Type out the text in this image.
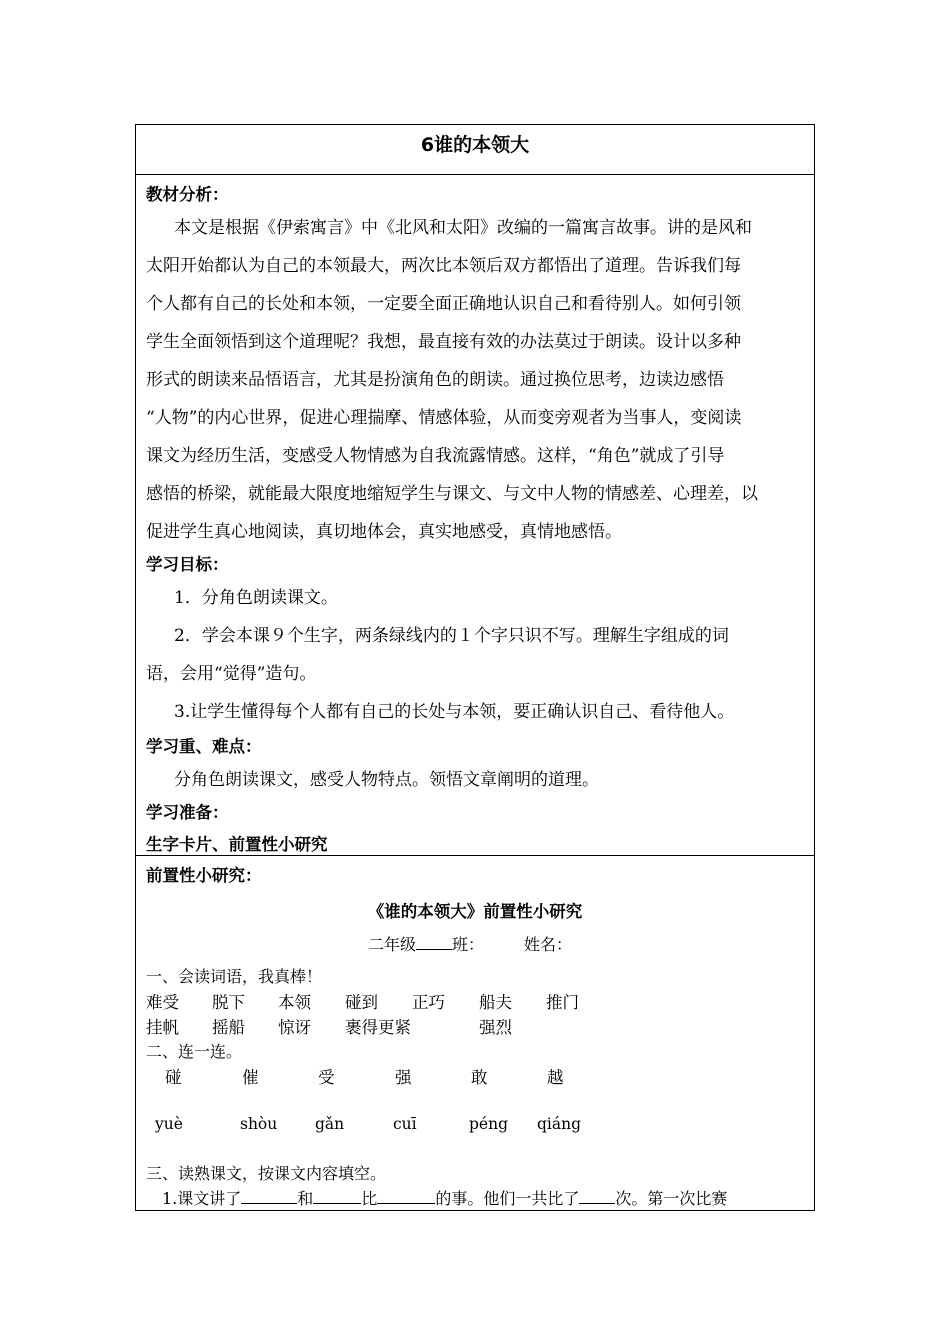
6谁的本领大
教材分析：
本文是根据《伊索寓言》中《北风和太阳》改编的一篇寓言故事。讲的是风和
太阳开始都认为自己的本领最大，两次比本领后双方都悟出了道理。告诉我们每
个人都有自己的长处和本领，一定要全面正确地认识自己和看待别人。如何引领
学生全面领悟到这个道理呢？我想，最直接有效的办法莫过于朗读。设计以多种
形式的朗读来品悟语言，尤其是扮演角色的朗读。通过换位思考，边读边感悟
“人物”的内心世界，促进心理揣摩、情感体验，从而变旁观者为当事人，变阅读
课文为经历生活，变感受人物情感为自我流露情感。这样，“角色”就成了引导
感悟的桥梁，就能最大限度地缩短学生与课文、与文中人物的情感差、心理差，以
促进学生真心地阅读，真切地体会，真实地感受，真情地感悟。
学习目标：
1．分角色朗读课文。
2．学会本课９个生字，两条绿线内的１个字只识不写。理解生字组成的词
语，会用“觉得”造句。
3.让学生懂得每个人都有自己的长处与本领，要正确认识自己、看待他人。
学习重、难点：
分角色朗读课文，感受人物特点。领悟文章阐明的道理。
学习准备：
生字卡片、前置性小研究
前置性小研究：
《谁的本领大》前置性小研究
二年级 班：	姓名：
一、会读词语，我真棒！
难受 脱下 本领 碰到 正巧 船夫 推门
挂帆 摇船 惊讶 裹得更紧	强烈
二、连一连。
碰	催	受	强	敢	越
yuè	shòu gǎn	cuī	péng qiáng
三、读熟课文，按课文内容填空。
1.课文讲了	和	比	的事。他们一共比了 次。第一次比赛
